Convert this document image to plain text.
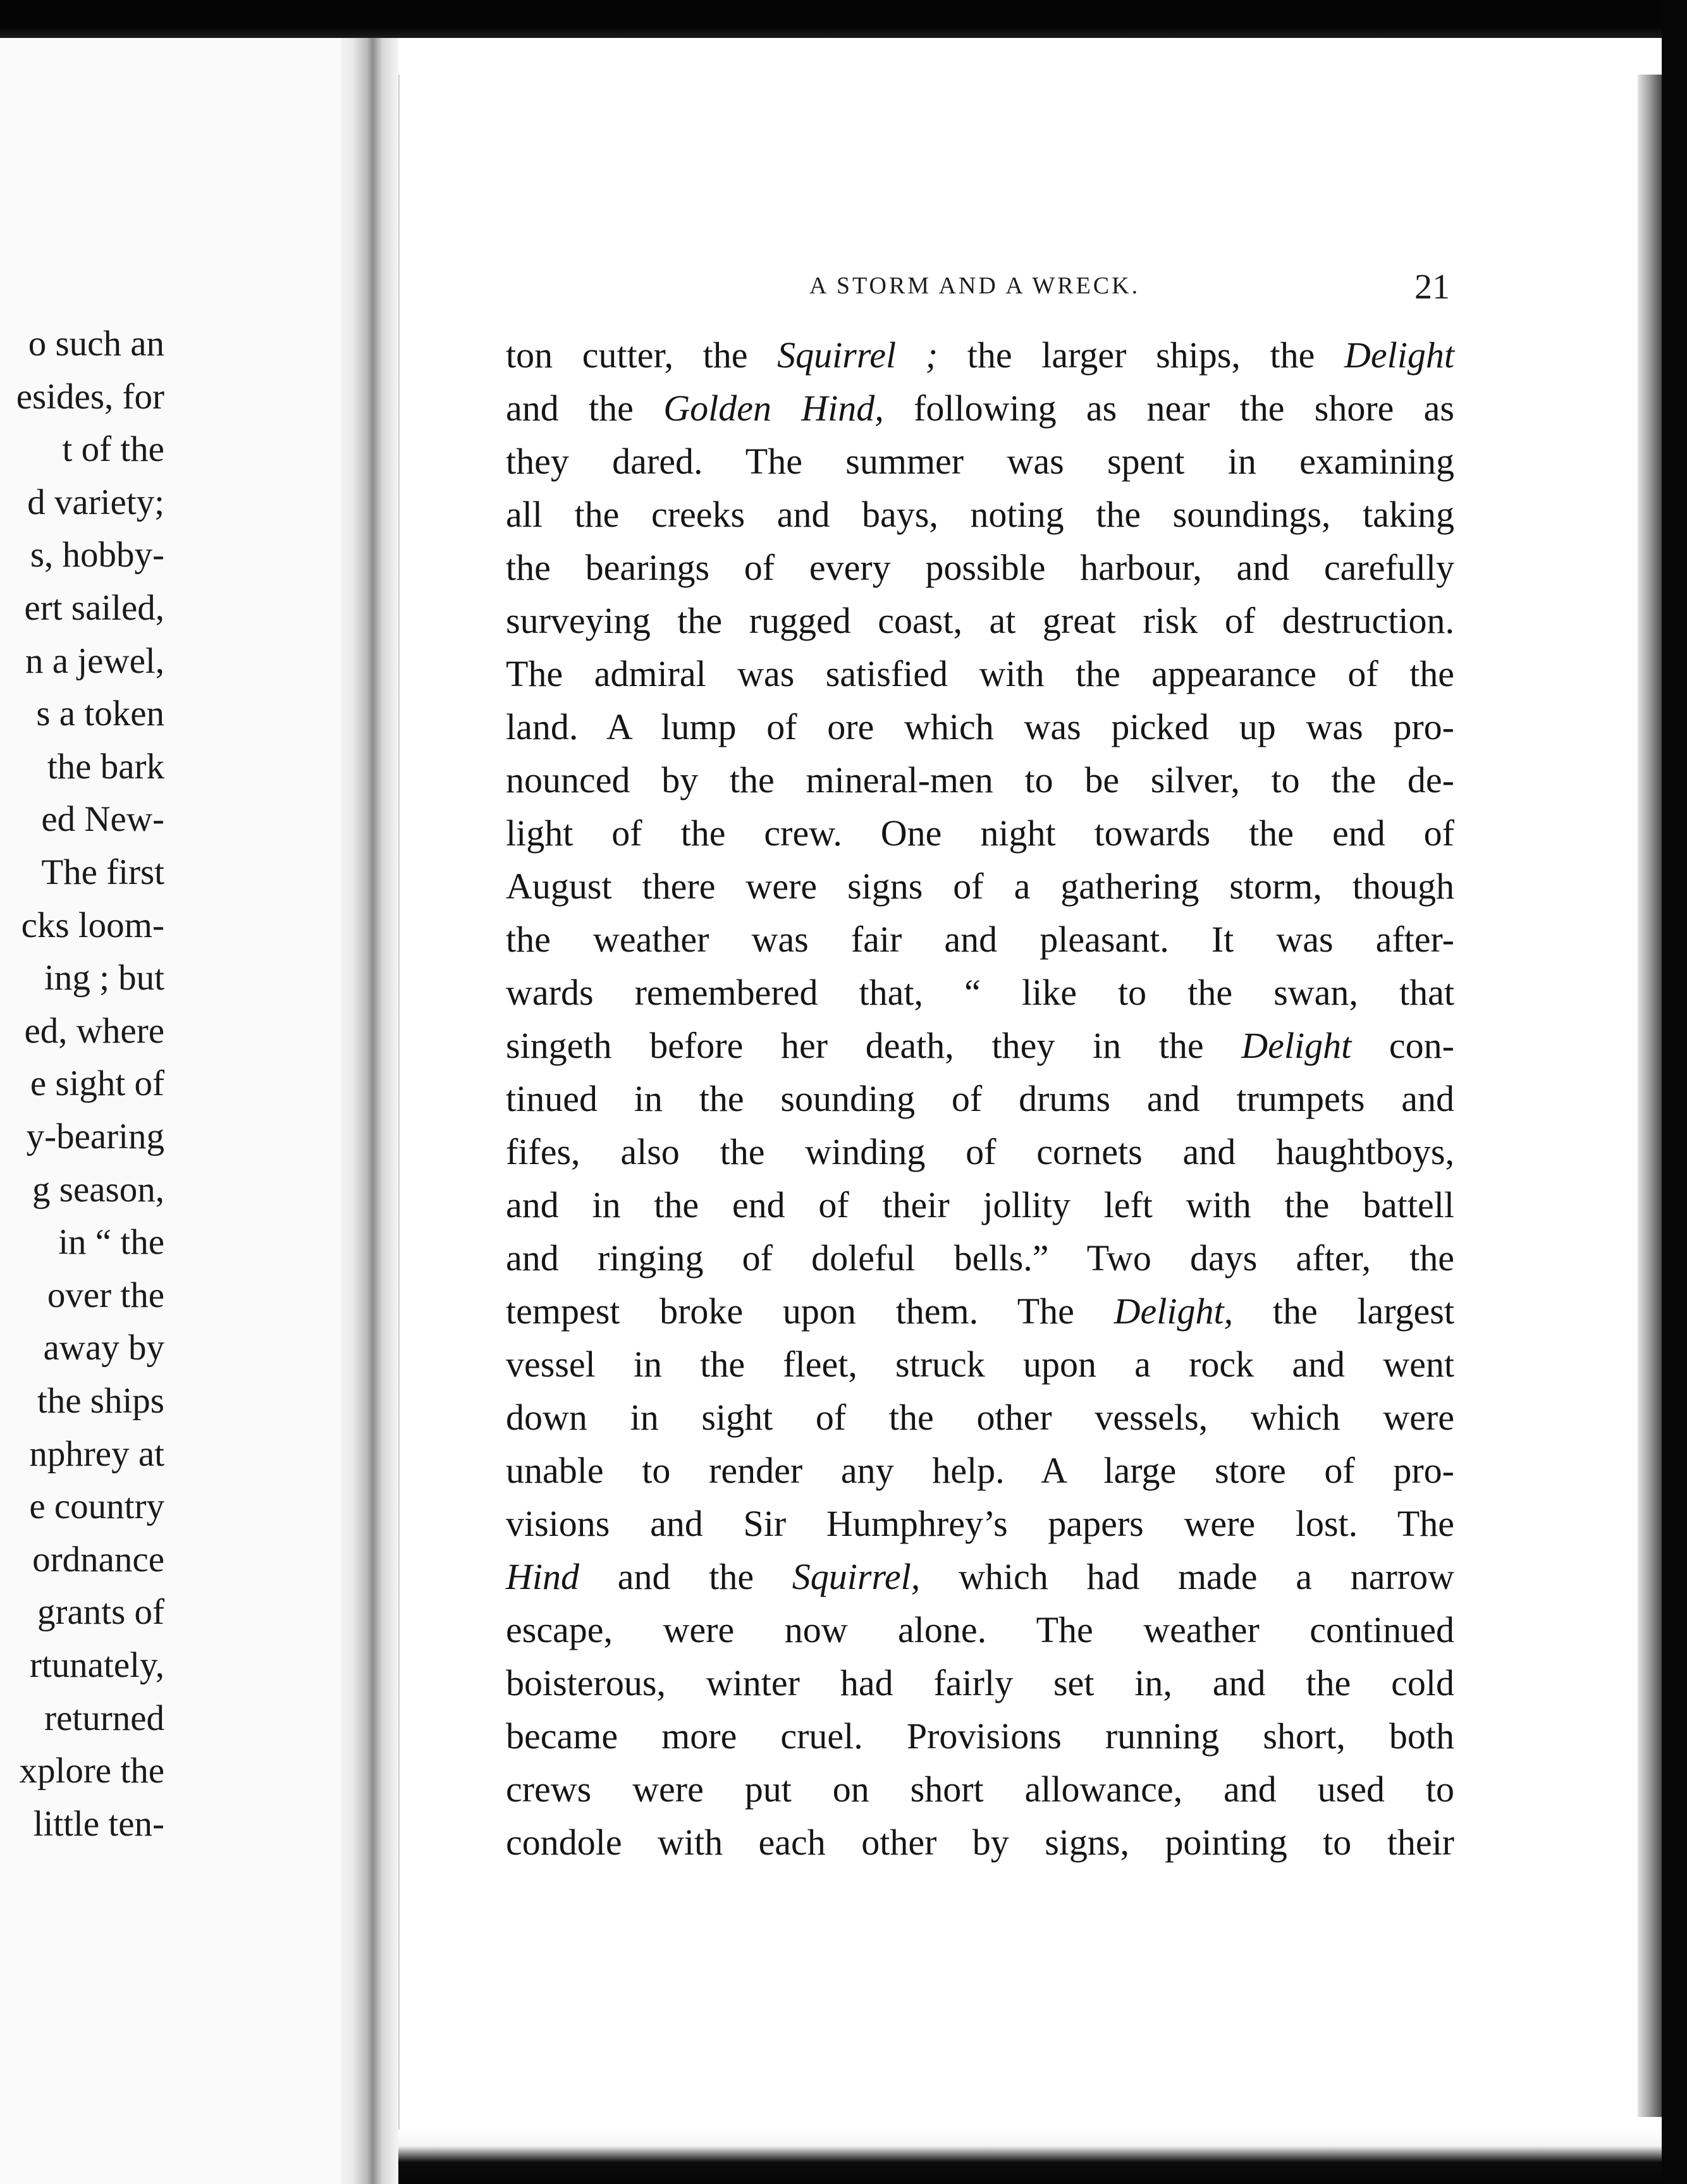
o such an
esides, for
t of the
d variety;
s, hobby-
ert sailed,
n a jewel,
s a token
the bark
ed New-
The first
cks loom-
ing ; but
ed, where
e sight of
y-bearing
g season,
in “ the
over the
away by
the ships
nphrey at
e country
ordnance
grants of
rtunately,
returned
xplore the
little ten-
A STORM AND A WRECK.	21
ton cutter, the Squirrel ; the larger ships, the Delight
and the Golden Hind, following as near the shore as
they dared. The summer was spent in examining
all the creeks and bays, noting the soundings, taking
the bearings of every possible harbour, and carefully
surveying the rugged coast, at great risk of destruction.
The admiral was satisfied with the appearance of the
land. A lump of ore which was picked up was pro-
nounced by the mineral-men to be silver, to the de-
light of the crew. One night towards the end of
August there were signs of a gathering storm, though
the weather was fair and pleasant. It was after-
wards remembered that, “ like to the swan, that
singeth before her death, they in the Delight con-
tinued in the sounding of drums and trumpets and
fifes, also the winding of cornets and haughtboys,
and in the end of their jollity left with the battell
and ringing of doleful bells.” Two days after, the
tempest broke upon them. The Delight, the largest
vessel in the fleet, struck upon a rock and went
down in sight of the other vessels, which were
unable to render any help. A large store of pro-
visions and Sir Humphrey’s papers were lost. The
Hind and the Squirrel, which had made a narrow
escape, were now alone. The weather continued
boisterous, winter had fairly set in, and the cold
became more cruel. Provisions running short, both
crews were put on short allowance, and used to
condole with each other by signs, pointing to their
